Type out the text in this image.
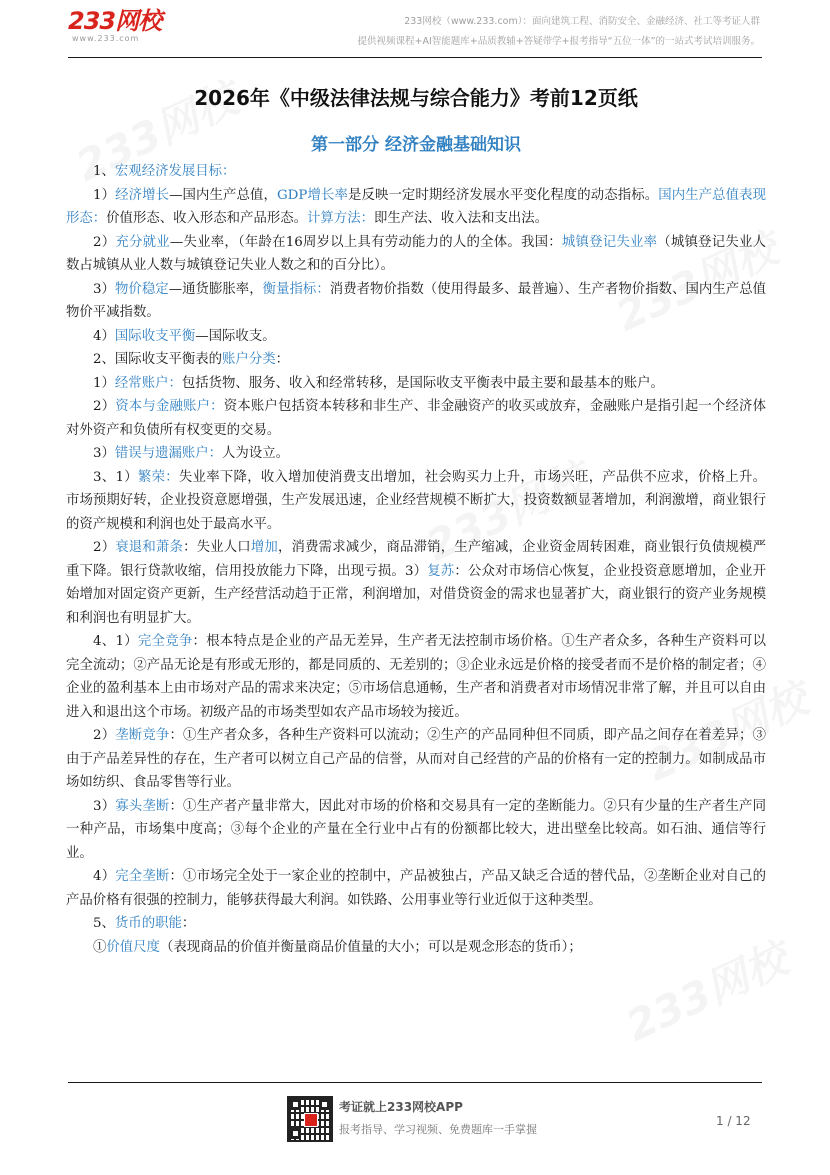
233网校
www.233.com
233网校（www.233.com）：面向建筑工程、消防安全、金融经济、社工等考证人群
提供视频课程+AI智能题库+品质教辅+答疑带学+报考指导“五位一体”的一站式考试培训服务。
2026年《中级法律法规与综合能力》考前12页纸
第一部分 经济金融基础知识

1、宏观经济发展目标：

1）经济增长—国内生产总值，GDP增长率是反映一定时期经济发展水平变化程度的动态指标。国内生产总值表现形态：价值形态、收入形态和产品形态。计算方法：即生产法、收入法和支出法。

2）充分就业—失业率，（年龄在16周岁以上具有劳动能力的人的全体。我国：城镇登记失业率（城镇登记失业人数占城镇从业人数与城镇登记失业人数之和的百分比）。

3）物价稳定—通货膨胀率，衡量指标：消费者物价指数（使用得最多、最普遍）、生产者物价指数、国内生产总值物价平减指数。

4）国际收支平衡—国际收支。

2、国际收支平衡表的账户分类：

1）经常账户：包括货物、服务、收入和经常转移，是国际收支平衡表中最主要和最基本的账户。

2）资本与金融账户：资本账户包括资本转移和非生产、非金融资产的收买或放弃，金融账户是指引起一个经济体对外资产和负债所有权变更的交易。

3）错误与遗漏账户：人为设立。

3、1）繁荣：失业率下降，收入增加使消费支出增加，社会购买力上升，市场兴旺，产品供不应求，价格上升。市场预期好转，企业投资意愿增强，生产发展迅速，企业经营规模不断扩大，投资数额显著增加，利润激增，商业银行的资产规模和利润也处于最高水平。

2）衰退和萧条：失业人口增加，消费需求减少，商品滞销，生产缩减，企业资金周转困难，商业银行负债规模严重下降。银行贷款收缩，信用投放能力下降，出现亏损。3）复苏：公众对市场信心恢复，企业投资意愿增加，企业开始增加对固定资产更新，生产经营活动趋于正常，利润增加，对借贷资金的需求也显著扩大，商业银行的资产业务规模和利润也有明显扩大。

4、1）完全竞争：根本特点是企业的产品无差异，生产者无法控制市场价格。①生产者众多，各种生产资料可以完全流动；②产品无论是有形或无形的，都是同质的、无差别的；③企业永远是价格的接受者而不是价格的制定者；④企业的盈利基本上由市场对产品的需求来决定；⑤市场信息通畅，生产者和消费者对市场情况非常了解，并且可以自由进入和退出这个市场。初级产品的市场类型如农产品市场较为接近。

2）垄断竞争：①生产者众多，各种生产资料可以流动；②生产的产品同种但不同质，即产品之间存在着差异；③由于产品差异性的存在，生产者可以树立自己产品的信誉，从而对自己经营的产品的价格有一定的控制力。如制成品市场如纺织、食品零售等行业。

3）寡头垄断：①生产者产量非常大，因此对市场的价格和交易具有一定的垄断能力。②只有少量的生产者生产同一种产品，市场集中度高；③每个企业的产量在全行业中占有的份额都比较大，进出壁垒比较高。如石油、通信等行业。

4）完全垄断：①市场完全处于一家企业的控制中，产品被独占，产品又缺乏合适的替代品，②垄断企业对自己的产品价格有很强的控制力，能够获得最大利润。如铁路、公用事业等行业近似于这种类型。

5、货币的职能：

①价值尺度（表现商品的价值并衡量商品价值量的大小；可以是观念形态的货币）；

考证就上233网校APP
报考指导、学习视频、免费题库一手掌握
1 / 12
